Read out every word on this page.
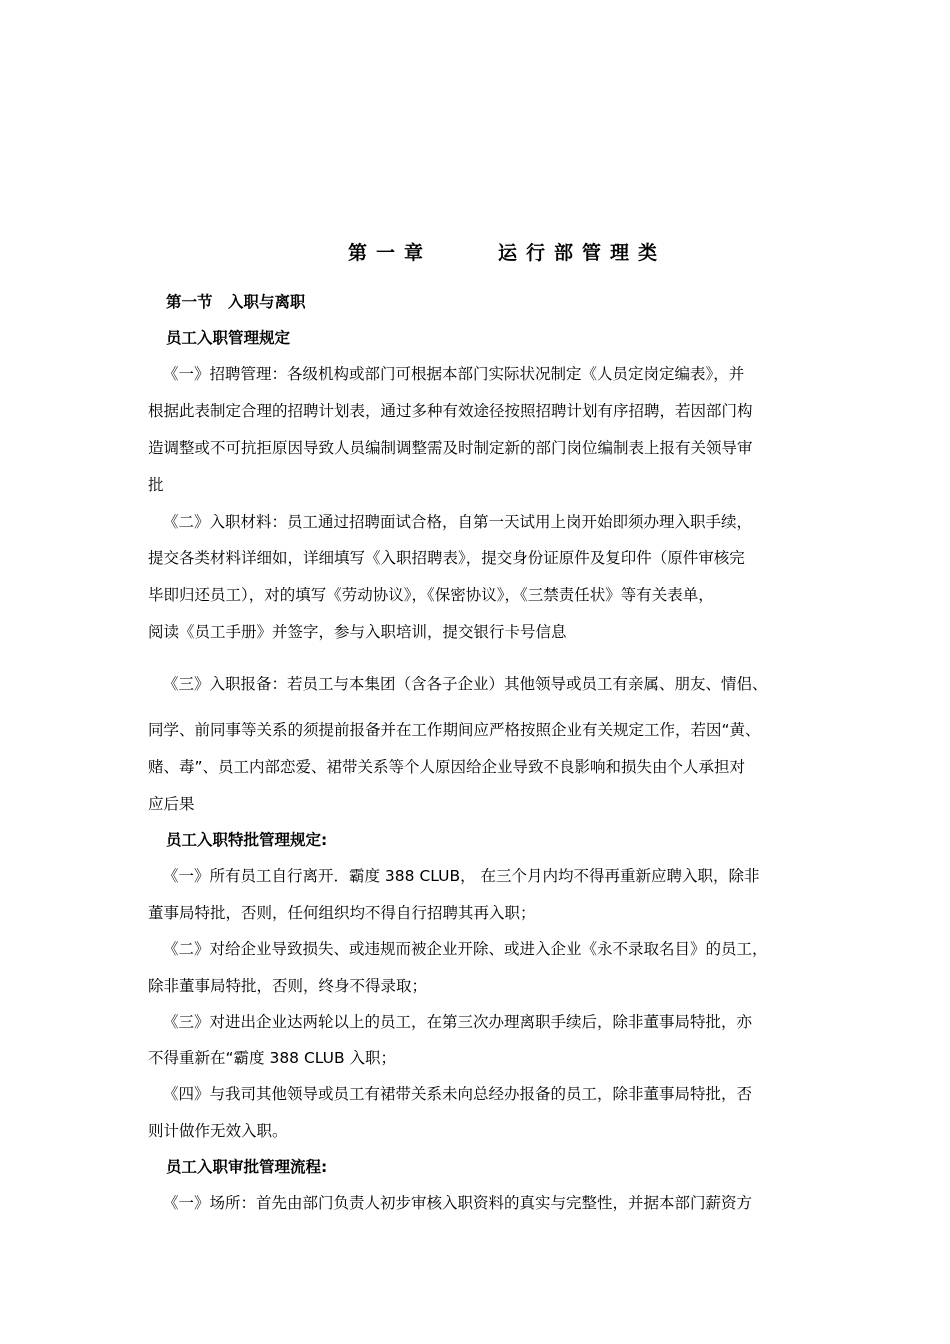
第一章	运行部管理类
第一节　入职与离职
员工入职管理规定
《一》招聘管理：各级机构或部门可根据本部门实际状况制定《人员定岗定编表》，并
根据此表制定合理的招聘计划表，通过多种有效途径按照招聘计划有序招聘，若因部门构
造调整或不可抗拒原因导致人员编制调整需及时制定新的部门岗位编制表上报有关领导审
批
《二》入职材料：员工通过招聘面试合格，自第一天试用上岗开始即须办理入职手续，
提交各类材料详细如，详细填写《入职招聘表》，提交身份证原件及复印件（原件审核完
毕即归还员工），对的填写《劳动协议》，《保密协议》，《三禁责任状》等有关表单，
阅读《员工手册》并签字，参与入职培训，提交银行卡号信息
《三》入职报备：若员工与本集团（含各子企业）其他领导或员工有亲属、朋友、情侣、
同学、前同事等关系的须提前报备并在工作期间应严格按照企业有关规定工作，若因“黄、
赌、毒”、员工内部恋爱、裙带关系等个人原因给企业导致不良影响和损失由个人承担对
应后果
员工入职特批管理规定:
《一》所有员工自行离开．霸度 388 CLUB， 在三个月内均不得再重新应聘入职，除非
董事局特批，否则，任何组织均不得自行招聘其再入职；
《二》对给企业导致损失、或违规而被企业开除、或进入企业《永不录取名目》的员工，
除非董事局特批，否则，终身不得录取；
《三》对进出企业达两轮以上的员工，在第三次办理离职手续后，除非董事局特批，亦
不得重新在“霸度 388 CLUB 入职；
《四》与我司其他领导或员工有裙带关系未向总经办报备的员工，除非董事局特批，否
则计做作无效入职。
员工入职审批管理流程:
《一》场所：首先由部门负责人初步审核入职资料的真实与完整性，并据本部门薪资方
